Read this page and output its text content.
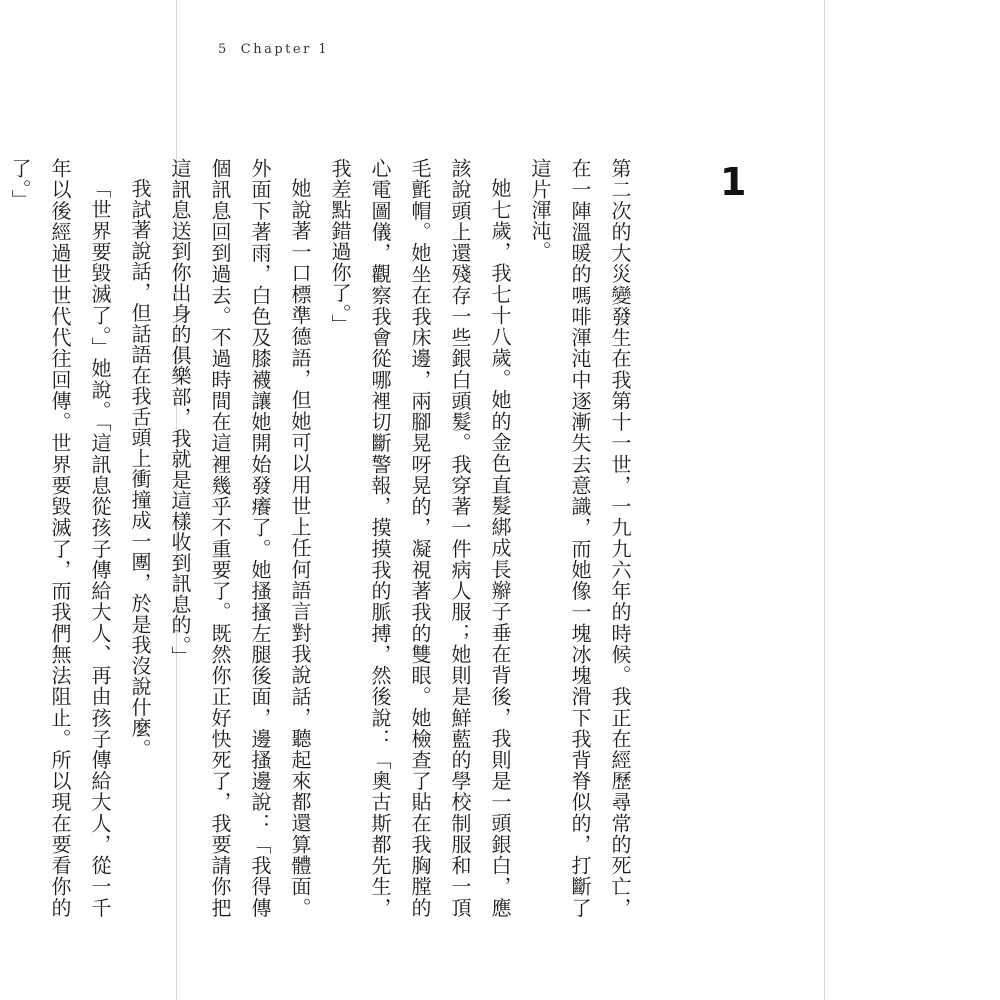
5 Chapter 1
1

第二次的大災變發生在我第十一世，一九九六年的時候。我正在經歷尋常的死亡，在一陣溫暖的嗎啡渾沌中逐漸失去意識，而她像一塊冰塊滑下我背脊似的，打斷了這片渾沌。

她七歲，我七十八歲。她的金色直髮綁成長辮子垂在背後，我則是一頭銀白，應該說頭上還殘存一些銀白頭髮。我穿著一件病人服；她則是鮮藍的學校制服和一頂毛氈帽。她坐在我床邊，兩腳晃呀晃的，凝視著我的雙眼。她檢查了貼在我胸膛的心電圖儀，觀察我會從哪裡切斷警報，摸摸我的脈搏，然後說：「奧古斯都先生，我差點錯過你了。」

她說著一口標準德語，但她可以用世上任何語言對我說話，聽起來都還算體面。外面下著雨，白色及膝襪讓她開始發癢了。她搔搔左腿後面，邊搔邊說：「我得傳個訊息回到過去。不過時間在這裡幾乎不重要了。既然你正好快死了，我要請你把這訊息送到你出身的俱樂部，我就是這樣收到訊息的。」

我試著說話，但話語在我舌頭上衝撞成一團，於是我沒說什麼。

「世界要毀滅了。」她說。「這訊息從孩子傳給大人、再由孩子傳給大人，從一千年以後經過世世代代往回傳。世界要毀滅了，而我們無法阻止。所以現在要看你的了。」
